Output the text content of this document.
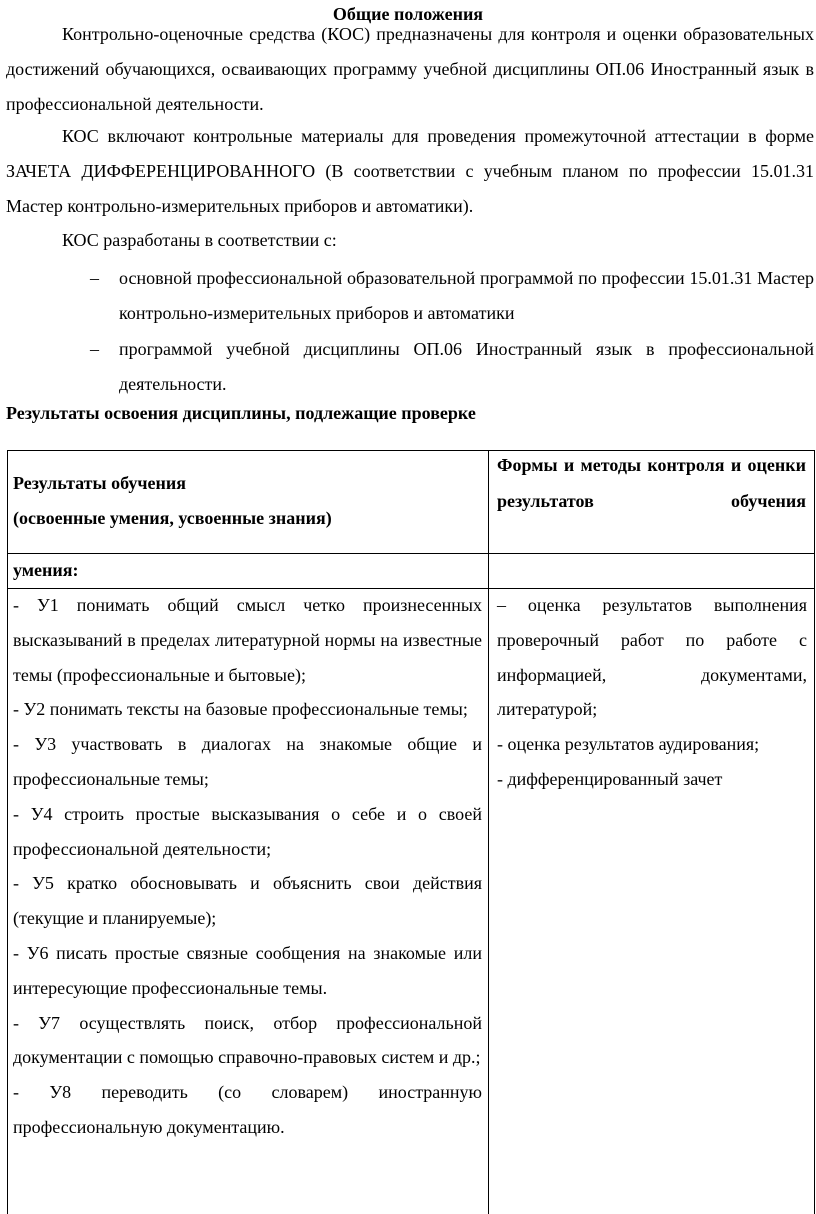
Общие положения

Контрольно-оценочные средства (КОС) предназначены для контроля и оценки образовательных достижений обучающихся, осваивающих программу учебной дисциплины ОП.06 Иностранный язык в профессиональной деятельности.

КОС включают контрольные материалы для проведения промежуточной аттестации в форме ЗАЧЕТА ДИФФЕРЕНЦИРОВАННОГО (В соответствии с учебным планом по профессии 15.01.31 Мастер контрольно-измерительных приборов и автоматики).

КОС разработаны в соответствии с:

– основной профессиональной образовательной программой по профессии 15.01.31 Мастер контрольно-измерительных приборов и автоматики
– программой учебной дисциплины ОП.06 Иностранный язык в профессиональной деятельности.
Результаты освоения дисциплины, подлежащие проверке
Результаты обучения
(освоенные умения, усвоенные знания)
Формы и методы контроля и оценки результатов обучения
умения:
- У1 понимать общий смысл четко произнесенных высказываний в пределах литературной нормы на известные темы (профессиональные и бытовые);
- У2 понимать тексты на базовые профессиональные темы;
- У3 участвовать в диалогах на знакомые общие и профессиональные темы;
- У4 строить простые высказывания о себе и о своей профессиональной деятельности;
- У5 кратко обосновывать и объяснить свои действия (текущие и планируемые);
- У6 писать простые связные сообщения на знакомые или интересующие профессиональные темы.
- У7 осуществлять поиск, отбор профессиональной документации с помощью справочно-правовых систем и др.;
- У8 переводить (со словарем) иностранную профессиональную документацию.
– оценка результатов выполнения проверочный работ по работе с информацией, документами, литературой;
- оценка результатов аудирования;
- дифференцированный зачет
